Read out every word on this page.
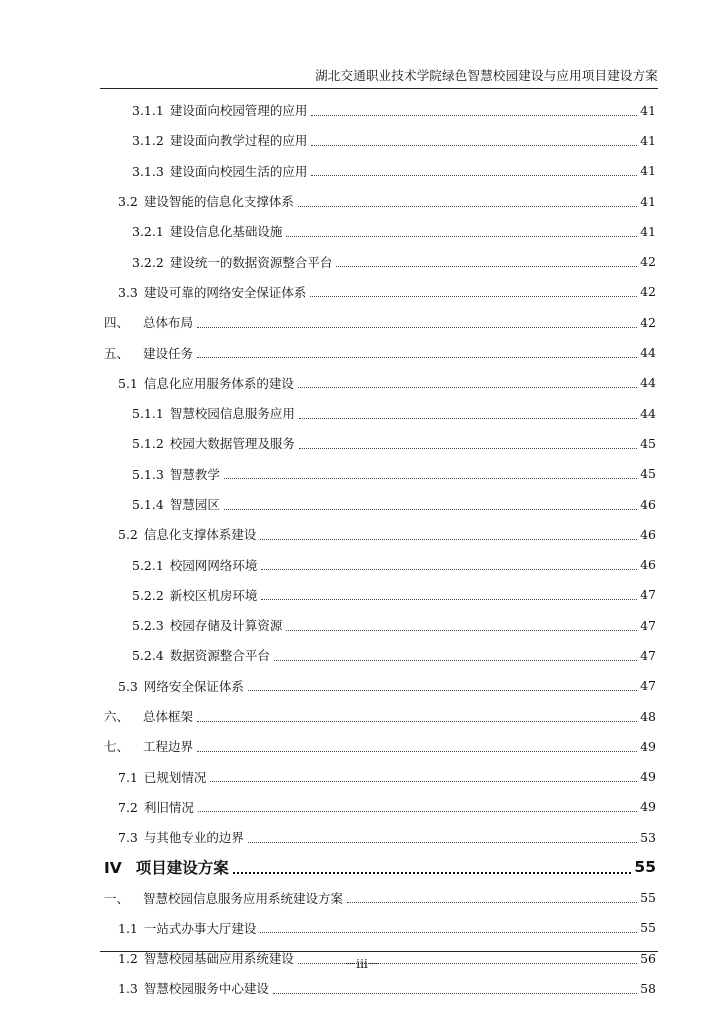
湖北交通职业技术学院绿色智慧校园建设与应用项目建设方案
3.1.1 建设面向校园管理的应用	41
3.1.2 建设面向教学过程的应用	41
3.1.3 建设面向校园生活的应用	41
3.2 建设智能的信息化支撑体系	41
3.2.1 建设信息化基础设施	41
3.2.2 建设统一的数据资源整合平台	42
3.3 建设可靠的网络安全保证体系	42
四、 总体布局	42
五、 建设任务	44
5.1 信息化应用服务体系的建设	44
5.1.1 智慧校园信息服务应用	44
5.1.2 校园大数据管理及服务	45
5.1.3 智慧教学	45
5.1.4 智慧园区	46
5.2 信息化支撑体系建设	46
5.2.1 校园网网络环境	46
5.2.2 新校区机房环境	47
5.2.3 校园存储及计算资源	47
5.2.4 数据资源整合平台	47
5.3 网络安全保证体系	47
六、 总体框架	48
七、 工程边界	49
7.1 已规划情况	49
7.2 利旧情况	49
7.3 与其他专业的边界	53
IV 项目建设方案	55
一、 智慧校园信息服务应用系统建设方案	55
1.1 一站式办事大厅建设	55
1.2 智慧校园基础应用系统建设	56
1.3 智慧校园服务中心建设	58
－iii－
